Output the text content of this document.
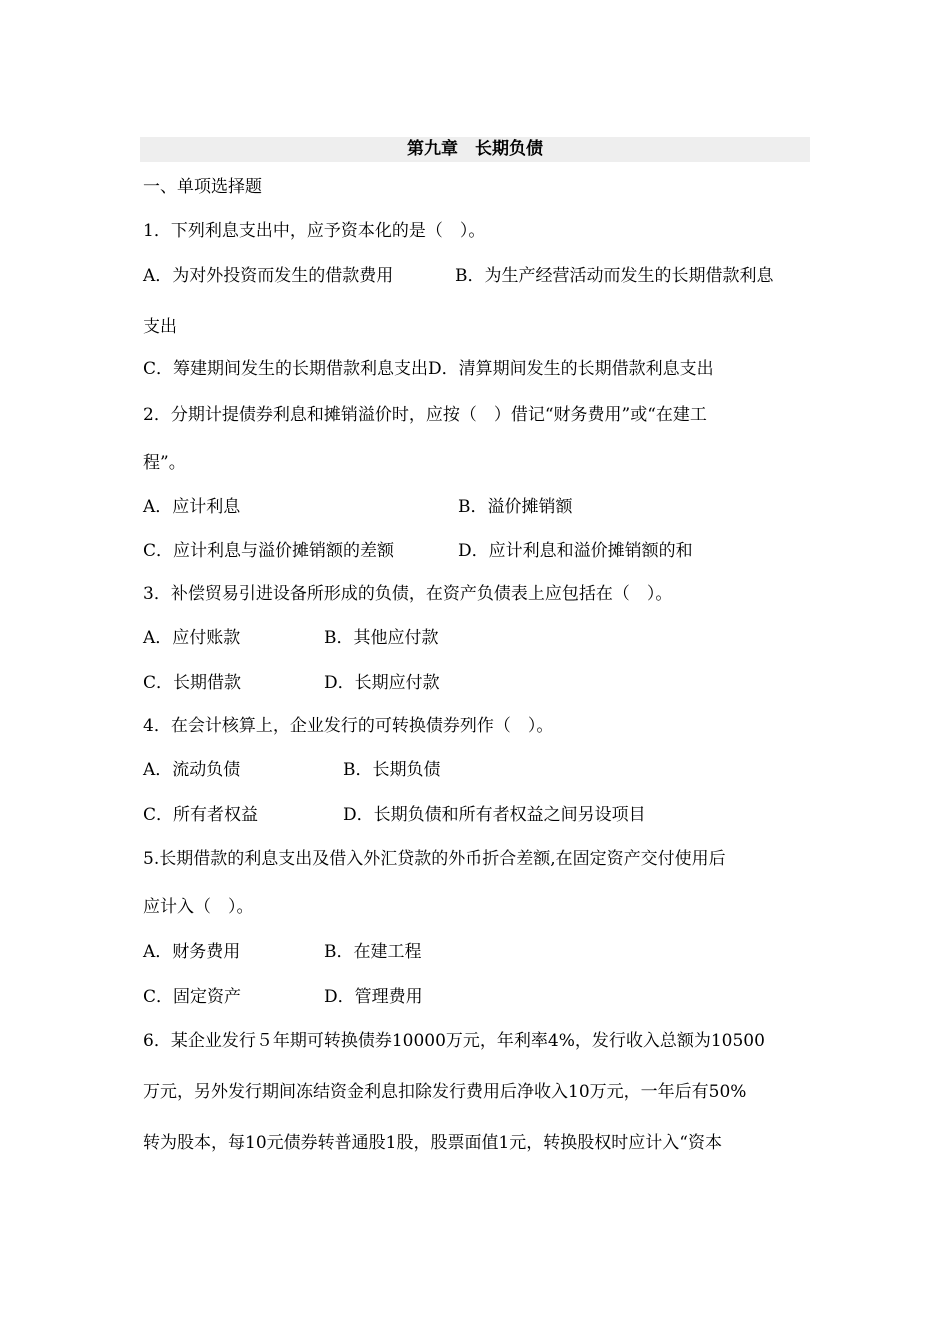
第九章　长期负债
一、单项选择题
1．下列利息支出中，应予资本化的是（　）。
A．为对外投资而发生的借款费用	B．为生产经营活动而发生的长期借款利息
支出
C．筹建期间发生的长期借款利息支出D．清算期间发生的长期借款利息支出
2．分期计提债券利息和摊销溢价时，应按（　）借记“财务费用”或“在建工
程”。
A．应计利息	B．溢价摊销额
C．应计利息与溢价摊销额的差额	D．应计利息和溢价摊销额的和
3．补偿贸易引进设备所形成的负债，在资产负债表上应包括在（　）。
A．应付账款	B．其他应付款
C．长期借款	D．长期应付款
4．在会计核算上，企业发行的可转换债券列作（　）。
A．流动负债	B．长期负债
C．所有者权益	D．长期负债和所有者权益之间另设项目
5.长期借款的利息支出及借入外汇贷款的外币折合差额,在固定资产交付使用后
应计入（　）。
A．财务费用	B．在建工程
C．固定资产	D．管理费用
6．某企业发行５年期可转换债券10000万元，年利率4%，发行收入总额为10500
万元，另外发行期间冻结资金利息扣除发行费用后净收入10万元，一年后有50%
转为股本，每10元债券转普通股1股，股票面值1元，转换股权时应计入“资本
